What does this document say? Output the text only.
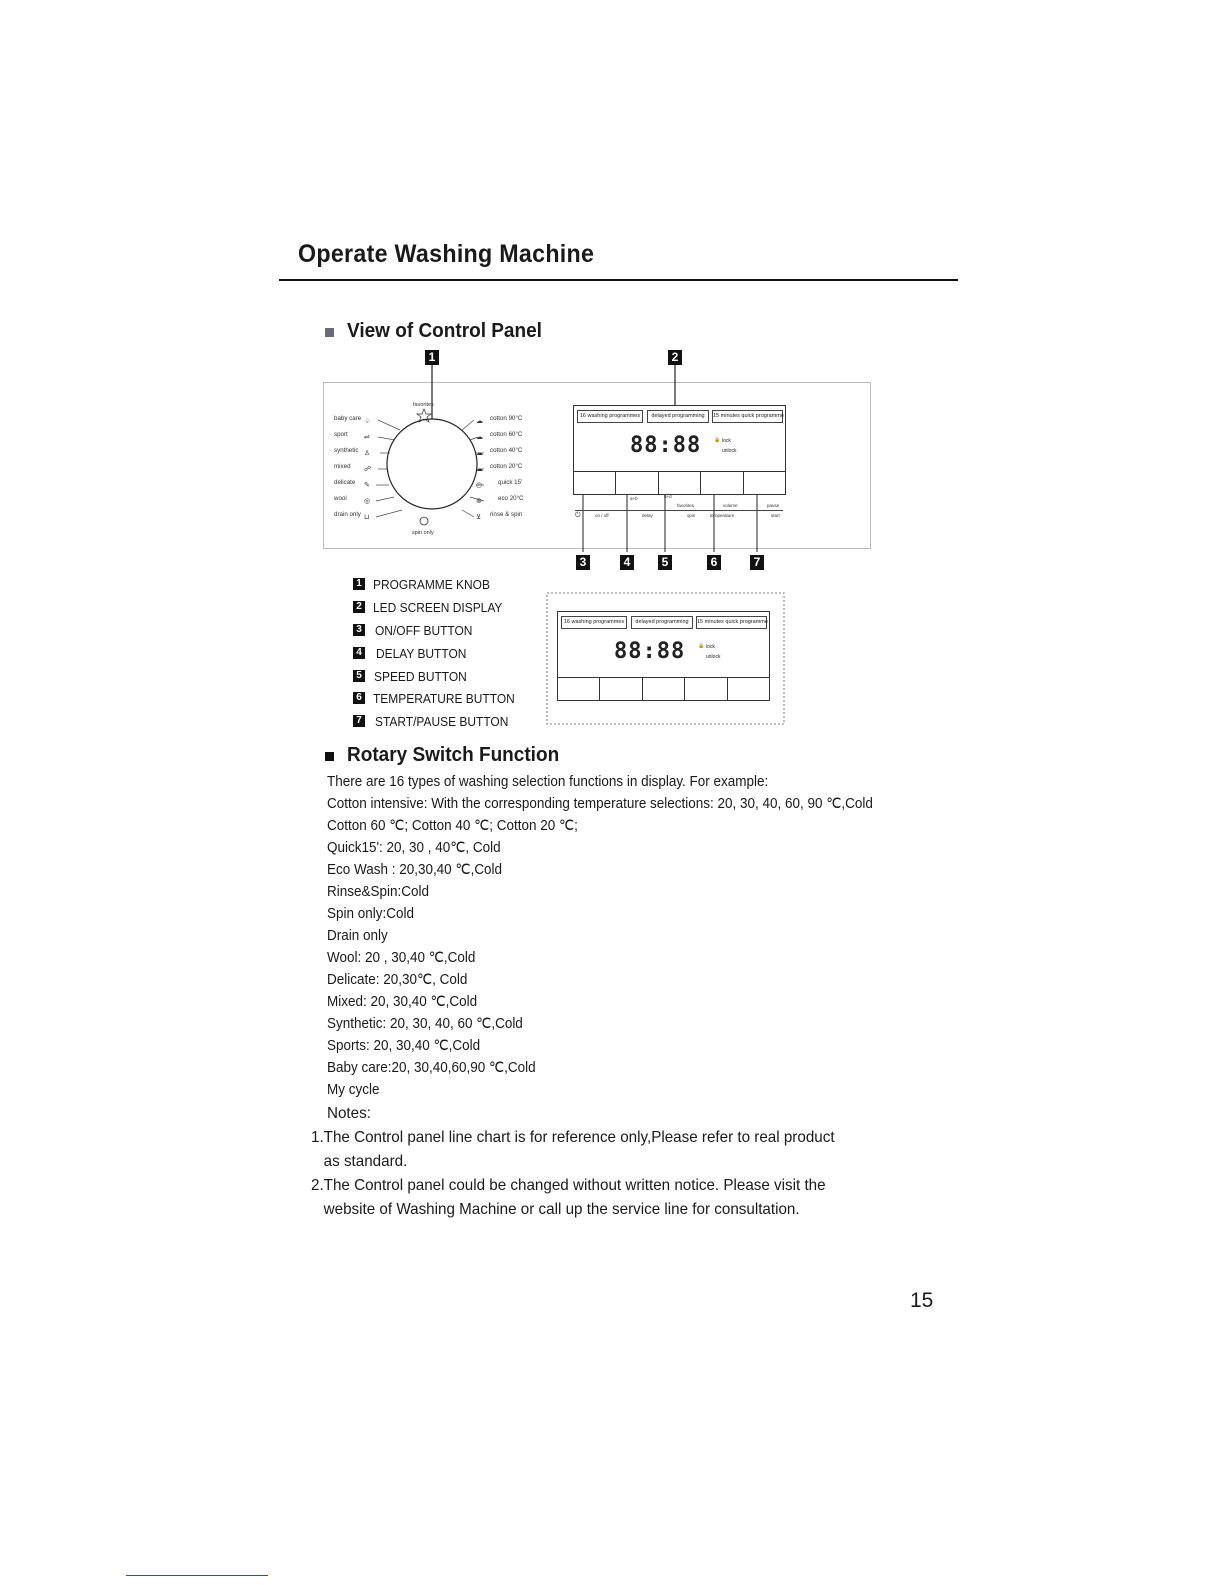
Operate Washing Machine
View of Control Panel
1	2
baby care
sport
synthetic
mixed
delicate
wool
drain only
♧
⇌
♙
☍
✎
◎
⊔
cotton 90°C
cotton 60°C
cotton 40°C
cotton 20°C
quick 15'
eco 20°C
rinse & spin
☁
☁
☁
☁
◴
⊛
⊻
favorites
spin only
16 washing programmes	delayed programming	15 minutes quick programme
88:88	🔒 lock
unlock
a+b	b+d
on / off	delay	spin
favorites	volume
temperature
pause
start
⏻
3	4	5	6	7
1 PROGRAMME KNOB
2 LED SCREEN DISPLAY
3 ON/OFF BUTTON
4 DELAY BUTTON
5 SPEED BUTTON
6 TEMPERATURE BUTTON
7 START/PAUSE BUTTON
16 washing programmes	delayed programming	15 minutes quick programme
88:88	🔒 lock
unlock
Rotary Switch Function
There are 16 types of washing selection functions in display. For example:
Cotton intensive: With the corresponding temperature selections: 20, 30, 40, 60, 90 ℃,Cold
Cotton 60 ℃; Cotton 40 ℃; Cotton 20 ℃;
Quick15': 20, 30 , 40℃, Cold
Eco Wash : 20,30,40 ℃,Cold
Rinse&Spin:Cold
Spin only:Cold
Drain only
Wool: 20 , 30,40 ℃,Cold
Delicate: 20,30℃, Cold
Mixed: 20, 30,40 ℃,Cold
Synthetic: 20, 30, 40, 60 ℃,Cold
Sports: 20, 30,40 ℃,Cold
Baby care:20, 30,40,60,90 ℃,Cold
My cycle
Notes:
1.The Control panel line chart is for reference only,Please refer to real product
as standard.
2.The Control panel could be changed without written notice. Please visit the
website of Washing Machine or call up the service line for consultation.
15
